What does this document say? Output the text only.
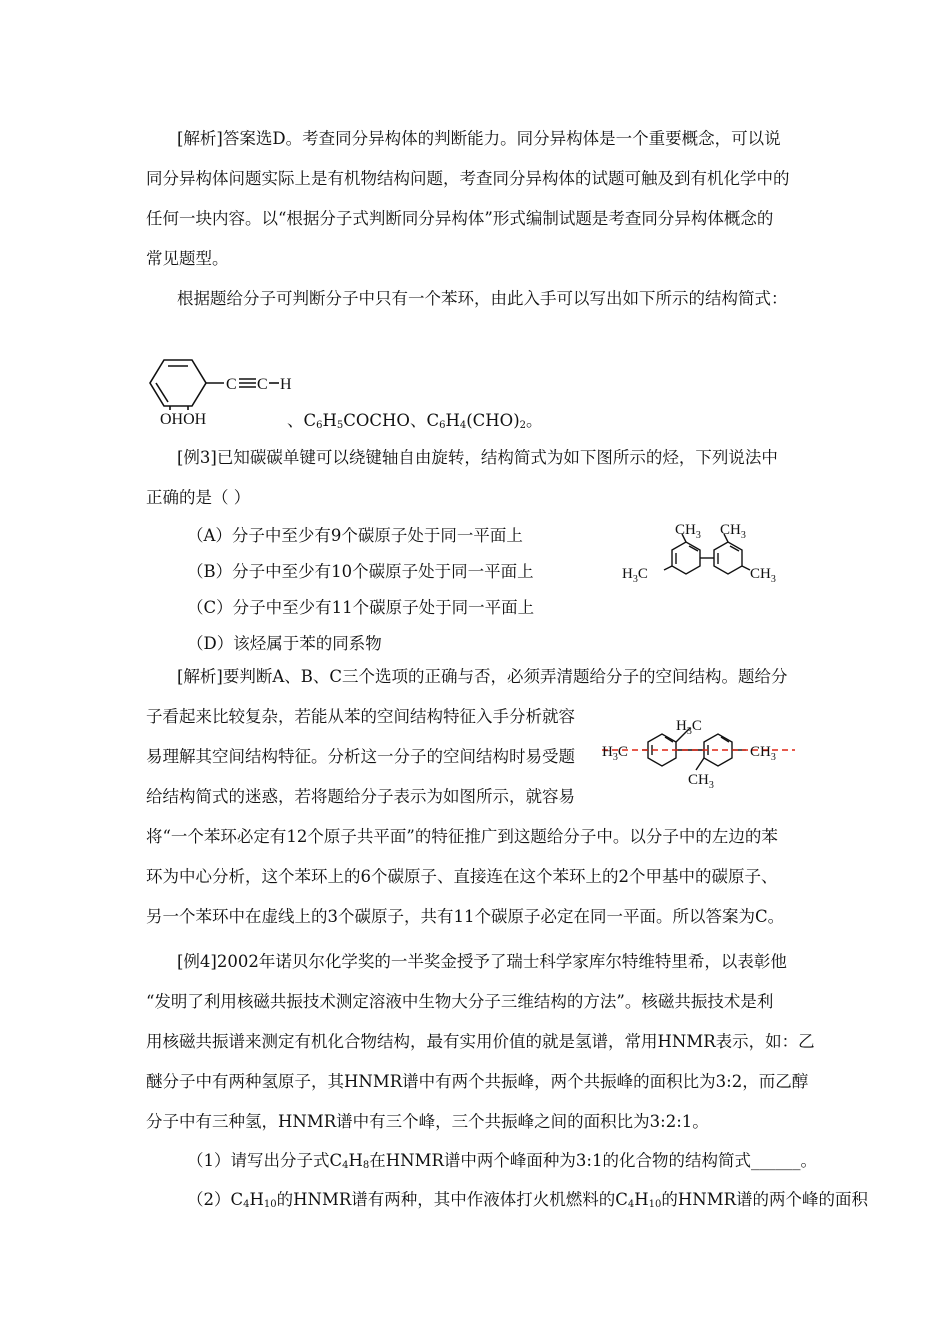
[解析]答案选D。考查同分异构体的判断能力。同分异构体是一个重要概念，可以说
同分异构体问题实际上是有机物结构问题，考查同分异构体的试题可触及到有机化学中的
任何一块内容。以“根据分子式判断同分异构体”形式编制试题是考查同分异构体概念的
常见题型。
根据题给分子可判断分子中只有一个苯环，由此入手可以写出如下所示的结构简式：
C C H
OHOH	、$C_6H_5COCHO$、$C_6H_4(CHO)_2$。
[例3]已知碳碳单键可以绕键轴自由旋转，结构简式为如下图所示的烃，下列说法中
正确的是（ ）
（A）分子中至少有9个碳原子处于同一平面上
（B）分子中至少有10个碳原子处于同一平面上
（C）分子中至少有11个碳原子处于同一平面上
（D）该烃属于苯的同系物
$CH_3$ $CH_3$
$H_3C$	$CH_3$
[解析]要判断A、B、C三个选项的正确与否，必须弄清题给分子的空间结构。题给分
子看起来比较复杂，若能从苯的空间结构特征入手分析就容
易理解其空间结构特征。分析这一分子的空间结构时易受题
给结构简式的迷惑，若将题给分子表示为如图所示，就容易
将“一个苯环必定有12个原子共平面”的特征推广到这题给分子中。以分子中的左边的苯
环为中心分析，这个苯环上的6个碳原子、直接连在这个苯环上的2个甲基中的碳原子、
另一个苯环中在虚线上的3个碳原子，共有11个碳原子必定在同一平面。所以答案为C。
$H_3C$
$H_3C$	$CH_3$
$CH_3$
[例4]2002年诺贝尔化学奖的一半奖金授予了瑞士科学家库尔特维特里希，以表彰他
“发明了利用核磁共振技术测定溶液中生物大分子三维结构的方法”。核磁共振技术是利
用核磁共振谱来测定有机化合物结构，最有实用价值的就是氢谱，常用HNMR表示，如：乙
醚分子中有两种氢原子，其HNMR谱中有两个共振峰，两个共振峰的面积比为3:2，而乙醇
分子中有三种氢，HNMR谱中有三个峰，三个共振峰之间的面积比为3:2:1。
（1）请写出分子式$C_4H_8$在HNMR谱中两个峰面种为3:1的化合物的结构简式______。
$(2)C_4H_{10}$的HNMR谱有两种，其中作液体打火机燃料的$C_4H_{10}$的HNMR谱的两个峰的面积
